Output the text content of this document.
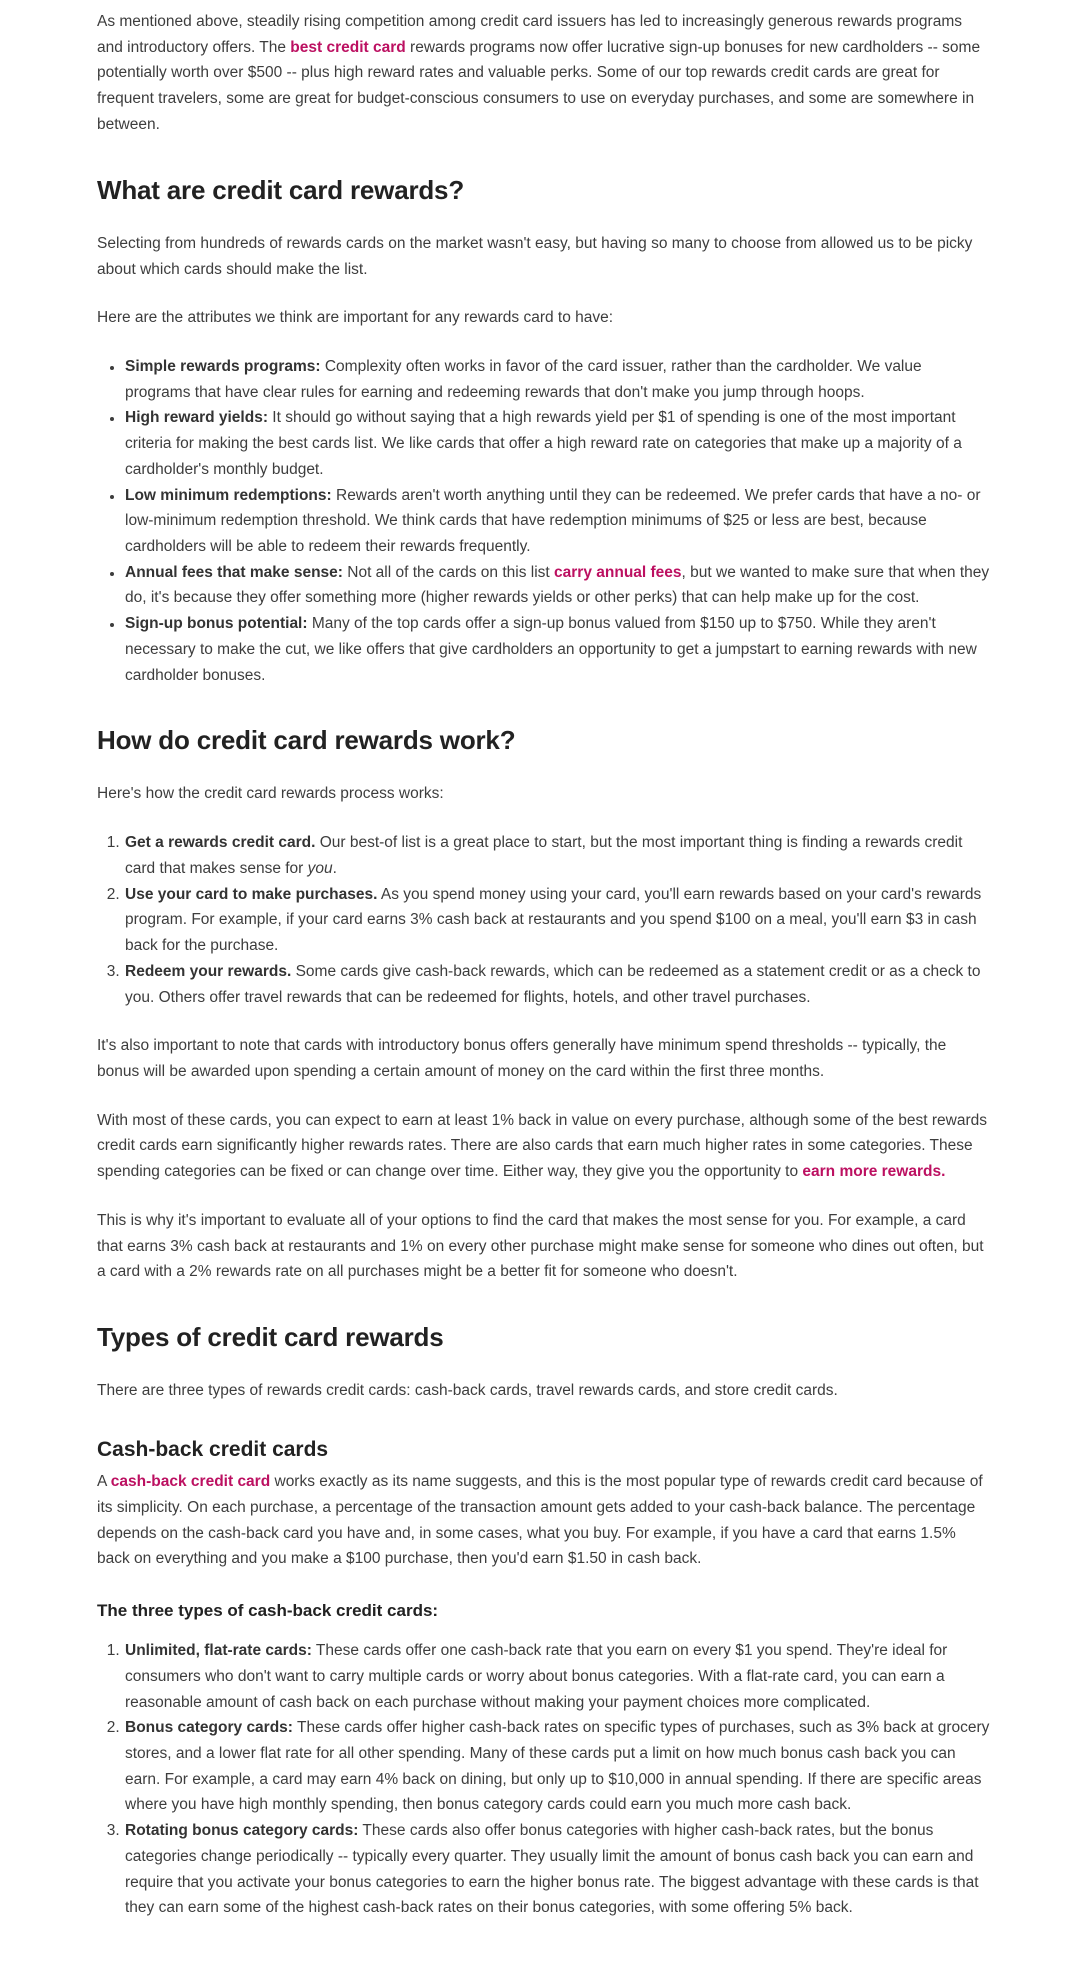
As mentioned above, steadily rising competition among credit card issuers has led to increasingly generous rewards programs and introductory offers. The best credit card rewards programs now offer lucrative sign-up bonuses for new cardholders -- some potentially worth over $500 -- plus high reward rates and valuable perks. Some of our top rewards credit cards are great for frequent travelers, some are great for budget-conscious consumers to use on everyday purchases, and some are somewhere in between.

What are credit card rewards?

Selecting from hundreds of rewards cards on the market wasn't easy, but having so many to choose from allowed us to be picky about which cards should make the list.

Here are the attributes we think are important for any rewards card to have:

• Simple rewards programs: Complexity often works in favor of the card issuer, rather than the cardholder. We value programs that have clear rules for earning and redeeming rewards that don't make you jump through hoops.
• High reward yields: It should go without saying that a high rewards yield per $1 of spending is one of the most important criteria for making the best cards list. We like cards that offer a high reward rate on categories that make up a majority of a cardholder's monthly budget.
• Low minimum redemptions: Rewards aren't worth anything until they can be redeemed. We prefer cards that have a no- or low-minimum redemption threshold. We think cards that have redemption minimums of $25 or less are best, because cardholders will be able to redeem their rewards frequently.
• Annual fees that make sense: Not all of the cards on this list carry annual fees, but we wanted to make sure that when they do, it's because they offer something more (higher rewards yields or other perks) that can help make up for the cost.
• Sign-up bonus potential: Many of the top cards offer a sign-up bonus valued from $150 up to $750. While they aren't necessary to make the cut, we like offers that give cardholders an opportunity to get a jumpstart to earning rewards with new cardholder bonuses.
How do credit card rewards work?

Here's how the credit card rewards process works:

1. Get a rewards credit card. Our best-of list is a great place to start, but the most important thing is finding a rewards credit card that makes sense for you.
2. Use your card to make purchases. As you spend money using your card, you'll earn rewards based on your card's rewards program. For example, if your card earns 3% cash back at restaurants and you spend $100 on a meal, you'll earn $3 in cash back for the purchase.
3. Redeem your rewards. Some cards give cash-back rewards, which can be redeemed as a statement credit or as a check to you. Others offer travel rewards that can be redeemed for flights, hotels, and other travel purchases.

It's also important to note that cards with introductory bonus offers generally have minimum spend thresholds -- typically, the bonus will be awarded upon spending a certain amount of money on the card within the first three months.

With most of these cards, you can expect to earn at least 1% back in value on every purchase, although some of the best rewards credit cards earn significantly higher rewards rates. There are also cards that earn much higher rates in some categories. These spending categories can be fixed or can change over time. Either way, they give you the opportunity to earn more rewards.

This is why it's important to evaluate all of your options to find the card that makes the most sense for you. For example, a card that earns 3% cash back at restaurants and 1% on every other purchase might make sense for someone who dines out often, but a card with a 2% rewards rate on all purchases might be a better fit for someone who doesn't.

Types of credit card rewards

There are three types of rewards credit cards: cash-back cards, travel rewards cards, and store credit cards.

Cash-back credit cards

A cash-back credit card works exactly as its name suggests, and this is the most popular type of rewards credit card because of its simplicity. On each purchase, a percentage of the transaction amount gets added to your cash-back balance. The percentage depends on the cash-back card you have and, in some cases, what you buy. For example, if you have a card that earns 1.5% back on everything and you make a $100 purchase, then you'd earn $1.50 in cash back.

The three types of cash-back credit cards:
1. Unlimited, flat-rate cards: These cards offer one cash-back rate that you earn on every $1 you spend. They're ideal for consumers who don't want to carry multiple cards or worry about bonus categories. With a flat-rate card, you can earn a reasonable amount of cash back on each purchase without making your payment choices more complicated.
2. Bonus category cards: These cards offer higher cash-back rates on specific types of purchases, such as 3% back at grocery stores, and a lower flat rate for all other spending. Many of these cards put a limit on how much bonus cash back you can earn. For example, a card may earn 4% back on dining, but only up to $10,000 in annual spending. If there are specific areas where you have high monthly spending, then bonus category cards could earn you much more cash back.
3. Rotating bonus category cards: These cards also offer bonus categories with higher cash-back rates, but the bonus categories change periodically -- typically every quarter. They usually limit the amount of bonus cash back you can earn and require that you activate your bonus categories to earn the higher bonus rate. The biggest advantage with these cards is that they can earn some of the highest cash-back rates on their bonus categories, with some offering 5% back.
